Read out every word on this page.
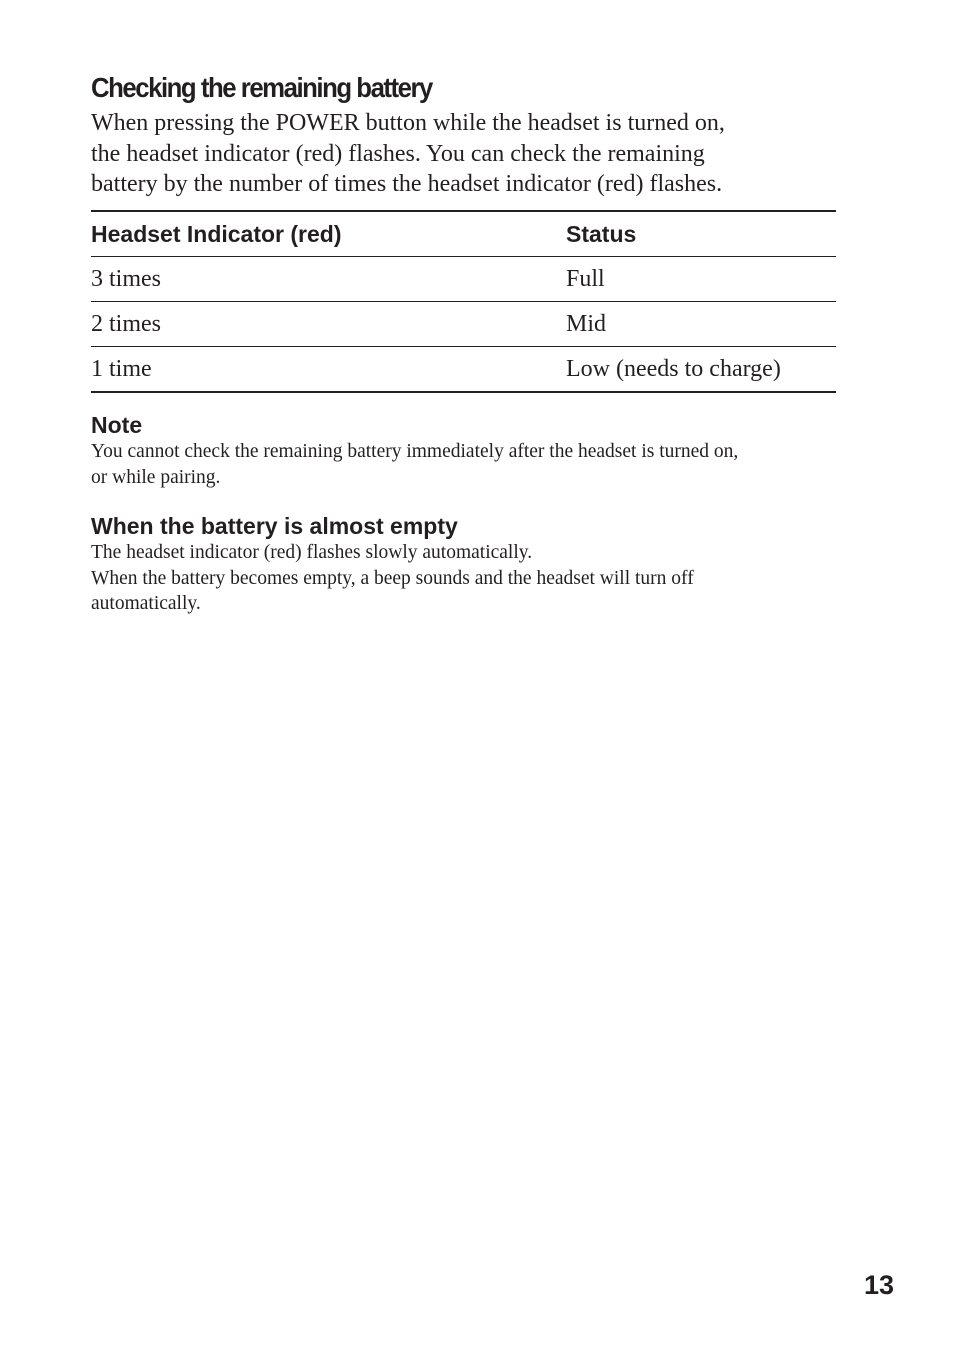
Checking the remaining battery

When pressing the POWER button while the headset is turned on,
the headset indicator (red) flashes. You can check the remaining
battery by the number of times the headset indicator (red) flashes.

Headset Indicator (red)	Status
3 times	Full
2 times	Mid
1 time	Low (needs to charge)
Note

You cannot check the remaining battery immediately after the headset is turned on,
or while pairing.

When the battery is almost empty

The headset indicator (red) flashes slowly automatically.
When the battery becomes empty, a beep sounds and the headset will turn off
automatically.

13
